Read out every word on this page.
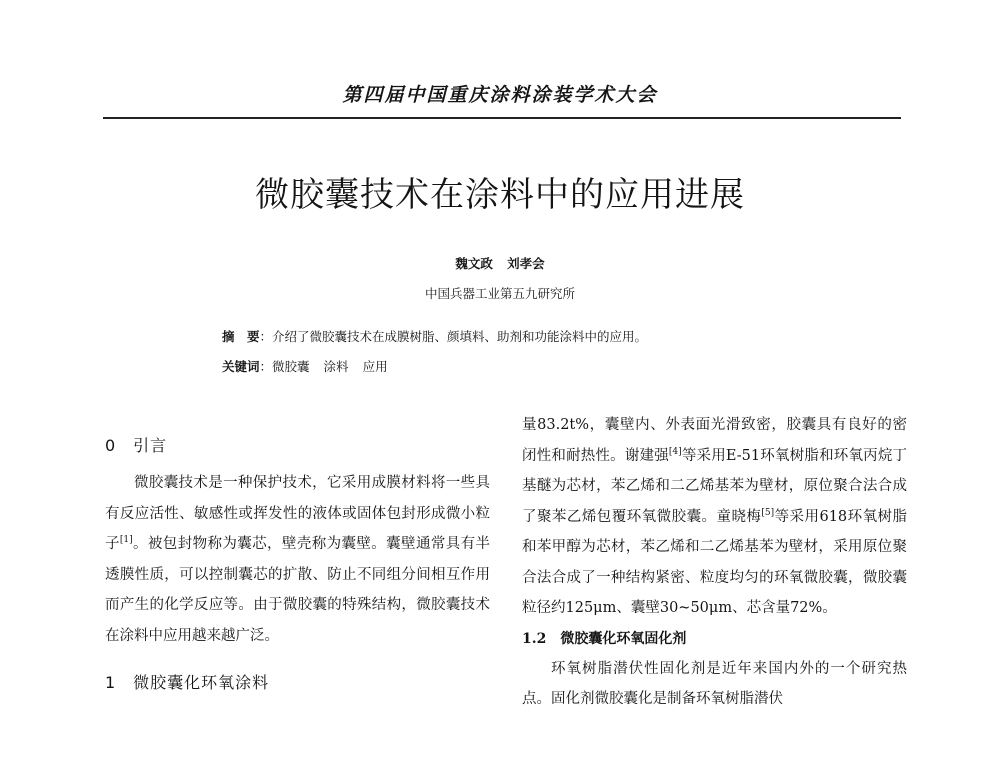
第四届中国重庆涂料涂装学术大会
微胶囊技术在涂料中的应用进展
魏文政 刘孝会
中国兵器工业第五九研究所
摘　要：介绍了微胶囊技术在成膜树脂、颜填料、助剂和功能涂料中的应用。
关键词：微胶囊 涂料 应用
0　引言

微胶囊技术是一种保护技术，它采用成膜材料将一些具有反应活性、敏感性或挥发性的液体或固体包封形成微小粒子[1]。被包封物称为囊芯，壁壳称为囊壁。囊壁通常具有半透膜性质，可以控制囊芯的扩散、防止不同组分间相互作用而产生的化学反应等。由于微胶囊的特殊结构，微胶囊技术在涂料中应用越来越广泛。

1　微胶囊化环氧涂料

量83.2t%，囊壁内、外表面光滑致密，胶囊具有良好的密闭性和耐热性。谢建强[4]等采用E-51环氧树脂和环氧丙烷丁基醚为芯材，苯乙烯和二乙烯基苯为壁材，原位聚合法合成了聚苯乙烯包覆环氧微胶囊。童晓梅[5]等采用618环氧树脂和苯甲醇为芯材，苯乙烯和二乙烯基苯为壁材，采用原位聚合法合成了一种结构紧密、粒度均匀的环氧微胶囊，微胶囊粒径约125μm、囊壁30~50μm、芯含量72%。

1.2　微胶囊化环氧固化剂

环氧树脂潜伏性固化剂是近年来国内外的一个研究热点。固化剂微胶囊化是制备环氧树脂潜伏
